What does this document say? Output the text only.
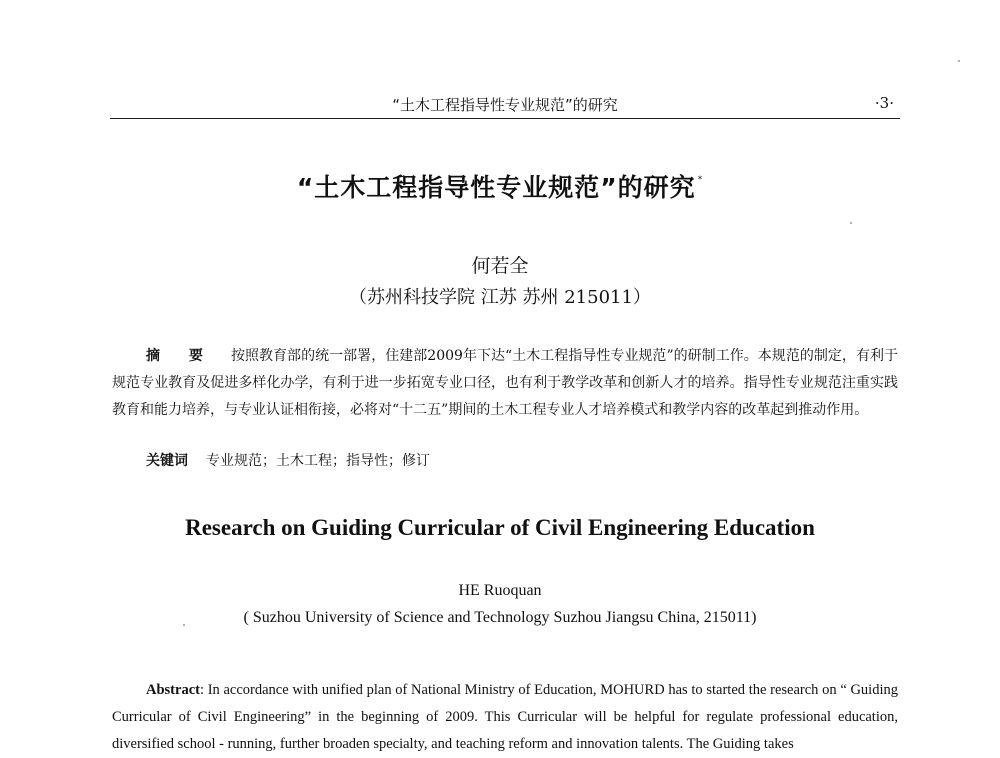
“土木工程指导性专业规范”的研究	·3·
“土木工程指导性专业规范”的研究 *
何若全
（苏州科技学院 江苏 苏州 215011）
摘 要 按照教育部的统一部署，住建部2009年下达“土木工程指导性专业规范”的研制工作。本规范的制定，有利于规范专业教育及促进多样化办学，有利于进一步拓宽专业口径，也有利于教学改革和创新人才的培养。指导性专业规范注重实践教育和能力培养，与专业认证相衔接，必将对“十二五”期间的土木工程专业人才培养模式和教学内容的改革起到推动作用。
关键词 专业规范；土木工程；指导性；修订
Research on Guiding Curricular of Civil Engineering Education
HE Ruoquan
( Suzhou University of Science and Technology Suzhou Jiangsu China, 215011)
Abstract: In accordance with unified plan of National Ministry of Education, MOHURD has to started the research on “ Guiding Curricular of Civil Engineering” in the beginning of 2009. This Curricular will be helpful for regulate professional education, diversified school - running, further broaden specialty, and teaching reform and innovation talents. The Guiding takes
